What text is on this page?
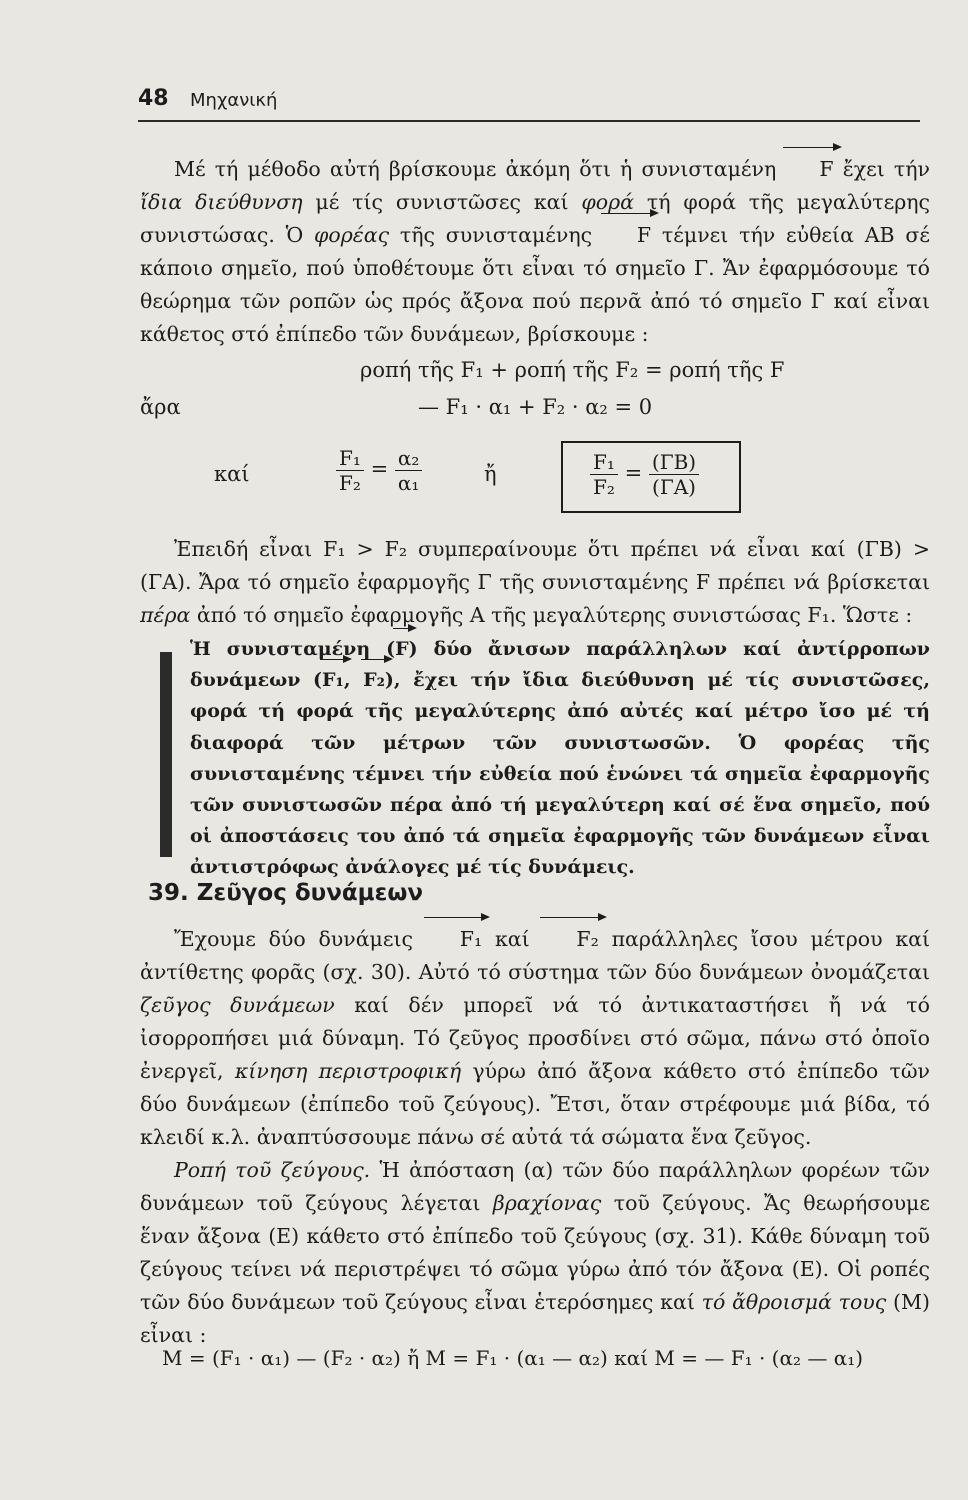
48 Μηχανική

Μέ τή μέθοδο αὐτή βρίσκουμε ἀκόμη ὅτι ἡ συνισταμένη F ἔχει τήν ἴδια διεύθυνση μέ τίς συνιστῶσες καί φορά τή φορά τῆς μεγαλύτερης συνιστώσας. Ὁ φορέας τῆς συνισταμένης F τέμνει τήν εὐθεία ΑΒ σέ κάποιο σημεῖο, πού ὑποθέτουμε ὅτι εἶναι τό σημεῖο Γ. Ἄν ἐφαρμόσουμε τό θεώρημα τῶν ροπῶν ὡς πρός ἄξονα πού περνᾶ ἀπό τό σημεῖο Γ καί εἶναι κάθετος στό ἐπίπεδο τῶν δυνάμεων, βρίσκουμε :

ροπή τῆς F₁ + ροπή τῆς F₂ = ροπή τῆς F
ἄρα	— F₁ · α₁ + F₂ · α₂ = 0
καί	$\frac{\text{F₁}}{\text{F₂}} = \frac{\text{α₂}}{\text{α₁}}$	ἤ	$\frac{\text{F₁}}{\text{F₂}} = \frac{(\Gamma B)}{(\Gamma A)}$

Ἐπειδή εἶναι F₁ > F₂ συμπεραίνουμε ὅτι πρέπει νά εἶναι καί (ΓΒ) > (ΓΑ). Ἄρα τό σημεῖο ἐφαρμογῆς Γ τῆς συνισταμένης F πρέπει νά βρίσκεται πέρα ἀπό τό σημεῖο ἐφαρμογῆς Α τῆς μεγαλύτερης συνιστώσας F₁. Ὥστε :

Ἡ συνισταμένη (F) δύο ἄνισων παράλληλων καί ἀντίρροπων δυνάμεων (F₁, F₂), ἔχει τήν ἴδια διεύθυνση μέ τίς συνιστῶσες, φορά τή φορά τῆς μεγαλύτερης ἀπό αὐτές καί μέτρο ἴσο μέ τή διαφορά τῶν μέτρων τῶν συνιστωσῶν. Ὁ φορέας τῆς συνισταμένης τέμνει τήν εὐθεία πού ἑνώνει τά σημεῖα ἐφαρμογῆς τῶν συνιστωσῶν πέρα ἀπό τή μεγαλύτερη καί σέ ἕνα σημεῖο, πού οἱ ἀποστάσεις του ἀπό τά σημεῖα ἐφαρμογῆς τῶν δυνάμεων εἶναι ἀντιστρόφως ἀνάλογες μέ τίς δυνάμεις.

39. Ζεῦγος δυνάμεων

Ἔχουμε δύο δυνάμεις F₁ καί F₂ παράλληλες ἴσου μέτρου καί ἀντίθετης φορᾶς (σχ. 30). Αὐτό τό σύστημα τῶν δύο δυνάμεων ὀνομάζεται ζεῦγος δυνάμεων καί δέν μπορεῖ νά τό ἀντικαταστήσει ἤ νά τό ἰσορροπήσει μιά δύναμη. Τό ζεῦγος προσδίνει στό σῶμα, πάνω στό ὁποῖο ἐνεργεῖ, κίνηση περιστροφική γύρω ἀπό ἄξονα κάθετο στό ἐπίπεδο τῶν δύο δυνάμεων (ἐπίπεδο τοῦ ζεύγους). Ἔτσι, ὅταν στρέφουμε μιά βίδα, τό κλειδί κ.λ. ἀναπτύσσουμε πάνω σέ αὐτά τά σώματα ἕνα ζεῦγος.

Ροπή τοῦ ζεύγους. Ἡ ἀπόσταση (α) τῶν δύο παράλληλων φορέων τῶν δυνάμεων τοῦ ζεύγους λέγεται βραχίονας τοῦ ζεύγους. Ἄς θεωρήσουμε ἕναν ἄξονα (Ε) κάθετο στό ἐπίπεδο τοῦ ζεύγους (σχ. 31). Κάθε δύναμη τοῦ ζεύγους τείνει νά περιστρέψει τό σῶμα γύρω ἀπό τόν ἄξονα (Ε). Οἱ ροπές τῶν δύο δυνάμεων τοῦ ζεύγους εἶναι ἑτερόσημες καί τό ἄθροισμά τους (Μ) εἶναι :

Μ = (F₁ · α₁) — (F₂ · α₂) ἤ Μ = F₁ · (α₁ — α₂) καί Μ = — F₁ · (α₂ — α₁)
